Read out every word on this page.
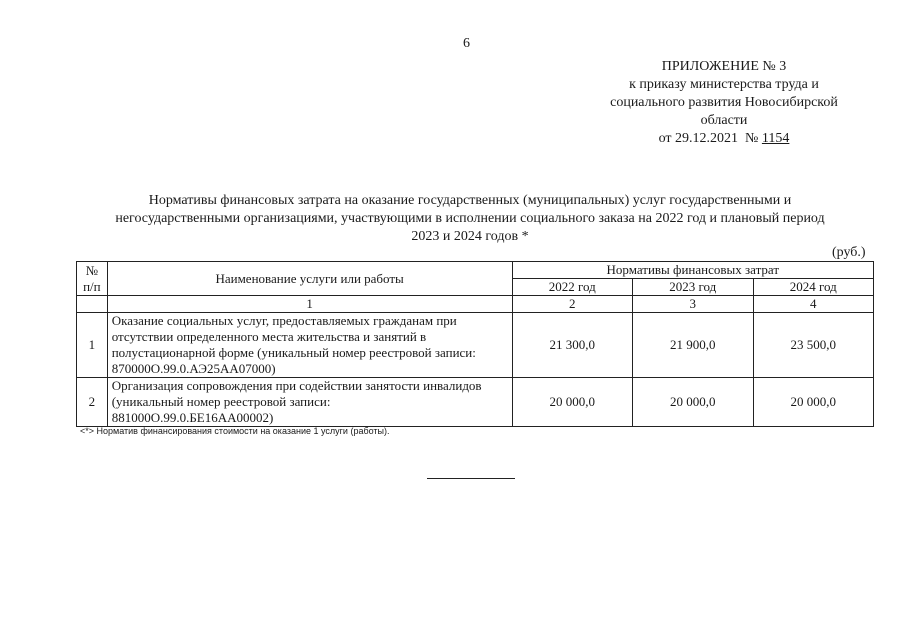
6
ПРИЛОЖЕНИЕ № 3
к приказу министерства труда и
социального развития Новосибирской
области
от 29.12.2021  № 1154
Нормативы финансовых затрата на оказание государственных (муниципальных) услуг государственными и
негосударственными организациями, участвующими в исполнении социального заказа на 2022 год и плановый период
2023 и 2024 годов *
(руб.)
№ п/п	Наименование услуги или работы	Нормативы финансовых затрат		
		2022 год	2023 год	2024 год
	1	2	3	4
1	Оказание социальных услуг, предоставляемых гражданам при
отсутствии определенного места жительства и занятий в
полустационарной форме (уникальный номер реестровой записи:
870000О.99.0.АЭ25АА07000)	21 300,0	21 900,0	23 500,0
2	Организация сопровождения при содействии занятости инвалидов
(уникальный номер реестровой записи:
881000О.99.0.БЕ16АА00002)	20 000,0	20 000,0	20 000,0
<*> Норматив финансирования стоимости на оказание 1 услуги (работы).
